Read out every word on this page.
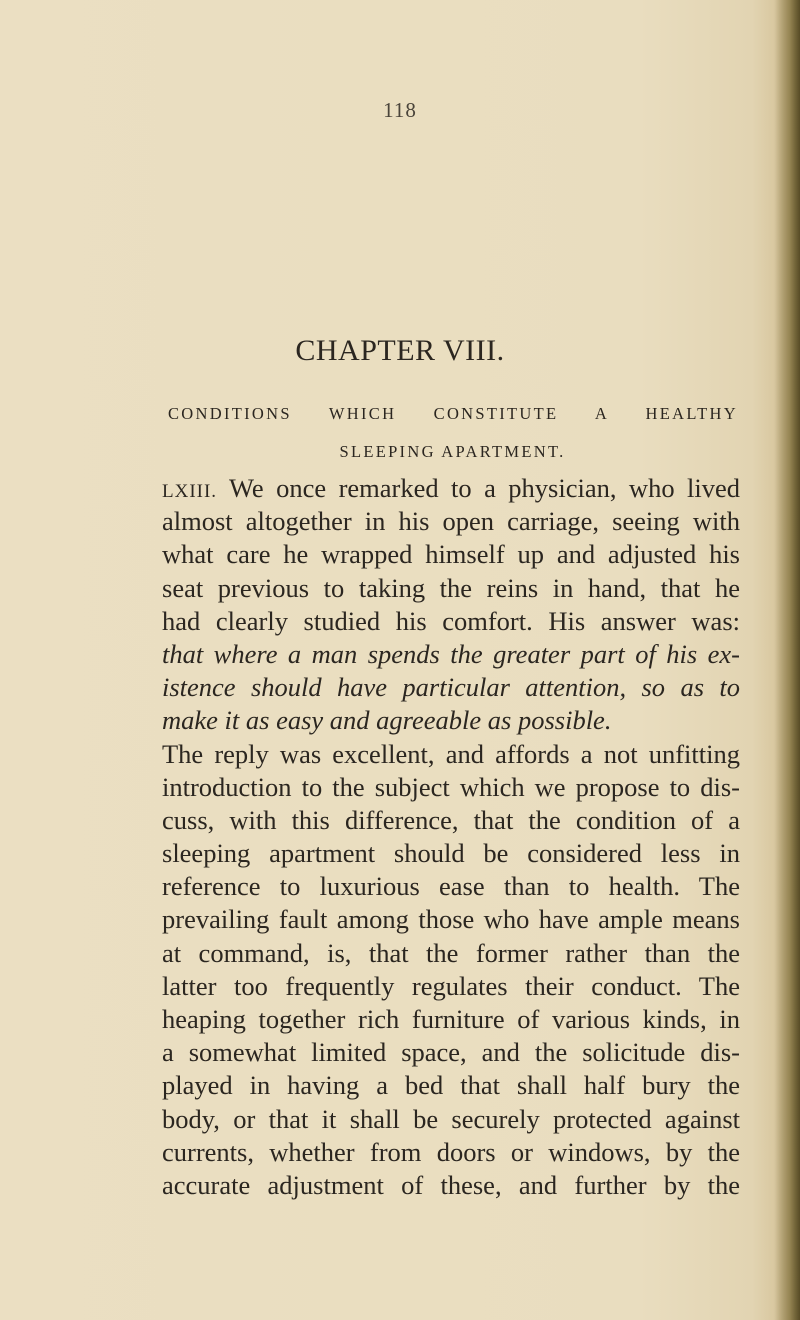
118
CHAPTER VIII.
CONDITIONS WHICH CONSTITUTE A HEALTHY
SLEEPING APARTMENT.
LXIII. We once remarked to a physician, who lived
almost altogether in his open carriage, seeing with
what care he wrapped himself up and adjusted his
seat previous to taking the reins in hand, that he
had clearly studied his comfort. His answer was:
that where a man spends the greater part of his ex-
istence should have particular attention, so as to
make it as easy and agreeable as possible.
The reply was excellent, and affords a not unfitting
introduction to the subject which we propose to dis-
cuss, with this difference, that the condition of a
sleeping apartment should be considered less in
reference to luxurious ease than to health. The
prevailing fault among those who have ample means
at command, is, that the former rather than the
latter too frequently regulates their conduct. The
heaping together rich furniture of various kinds, in
a somewhat limited space, and the solicitude dis-
played in having a bed that shall half bury the
body, or that it shall be securely protected against
currents, whether from doors or windows, by the
accurate adjustment of these, and further by the
